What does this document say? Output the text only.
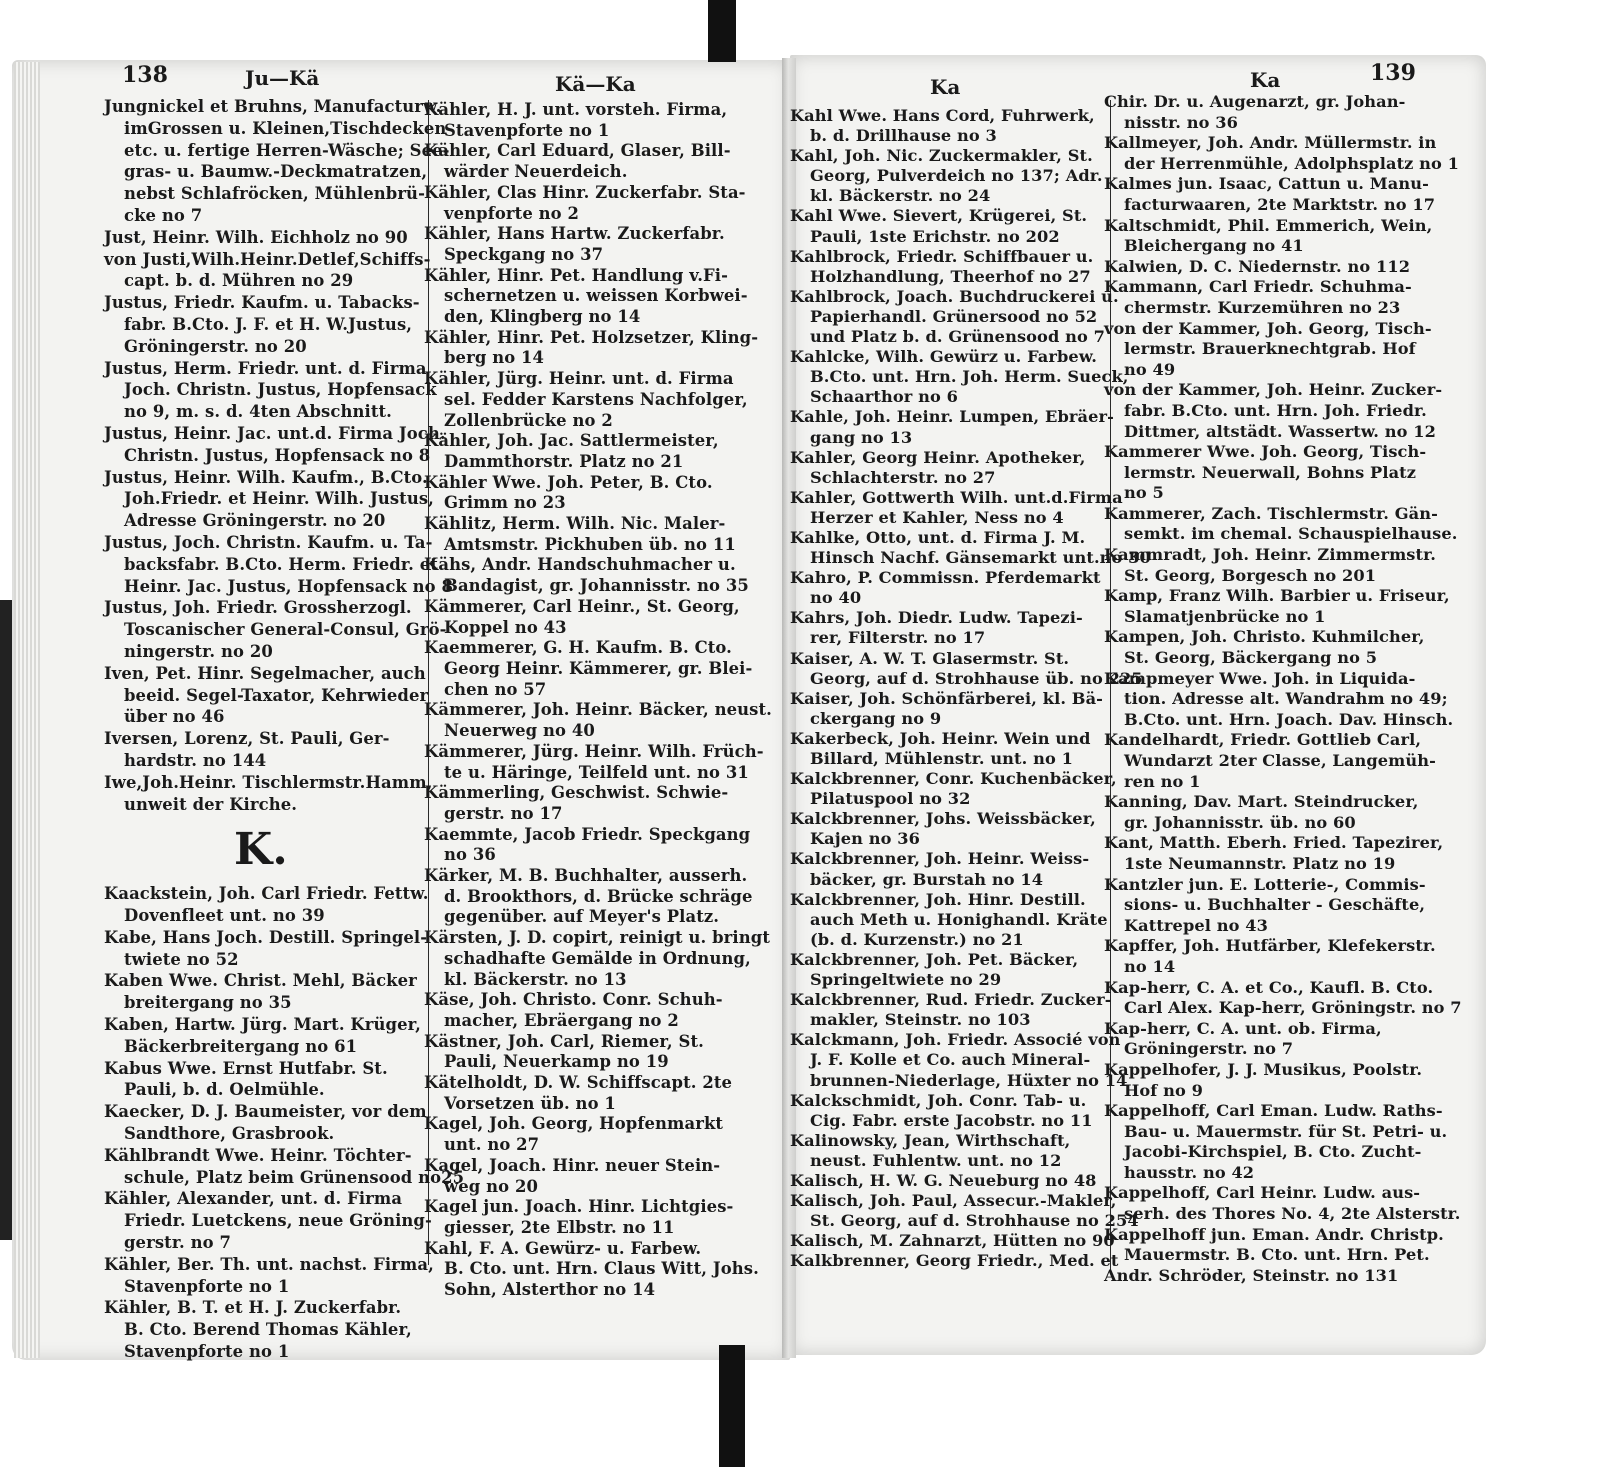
138	Ju—Kä	Kä—Ka	Ka	Ka	139
Jungnickel et Bruhns, Manufacturw.
imGrossen u. Kleinen,Tischdecken
etc. u. fertige Herren-Wäsche; See-
gras- u. Baumw.-Deckmatratzen,
nebst Schlafröcken, Mühlenbrü-
cke no 7
Just, Heinr. Wilh. Eichholz no 90
von Justi,Wilh.Heinr.Detlef,Schiffs-
capt. b. d. Mühren no 29
Justus, Friedr. Kaufm. u. Tabacks-
fabr. B.Cto. J. F. et H. W.Justus,
Gröningerstr. no 20
Justus, Herm. Friedr. unt. d. Firma
Joch. Christn. Justus, Hopfensack
no 9, m. s. d. 4ten Abschnitt.
Justus, Heinr. Jac. unt.d. Firma Joch.
Christn. Justus, Hopfensack no 8
Justus, Heinr. Wilh. Kaufm., B.Cto.
Joh.Friedr. et Heinr. Wilh. Justus,
Adresse Gröningerstr. no 20
Justus, Joch. Christn. Kaufm. u. Ta-
backsfabr. B.Cto. Herm. Friedr. et
Heinr. Jac. Justus, Hopfensack no 8
Justus, Joh. Friedr. Grossherzogl.
Toscanischer General-Consul, Grö-
ningerstr. no 20
Iven, Pet. Hinr. Segelmacher, auch
beeid. Segel-Taxator, Kehrwieder
über no 46
Iversen, Lorenz, St. Pauli, Ger-
hardstr. no 144
Iwe,Joh.Heinr. Tischlermstr.Hamm,
unweit der Kirche.
K.
Kaackstein, Joh. Carl Friedr. Fettw.
Dovenfleet unt. no 39
Kabe, Hans Joch. Destill. Springel-
twiete no 52
Kaben Wwe. Christ. Mehl, Bäcker
breitergang no 35
Kaben, Hartw. Jürg. Mart. Krüger,
Bäckerbreitergang no 61
Kabus Wwe. Ernst Hutfabr. St.
Pauli, b. d. Oelmühle.
Kaecker, D. J. Baumeister, vor dem
Sandthore, Grasbrook.
Kählbrandt Wwe. Heinr. Töchter-
schule, Platz beim Grünensood no25
Kähler, Alexander, unt. d. Firma
Friedr. Luetckens, neue Gröning-
gerstr. no 7
Kähler, Ber. Th. unt. nachst. Firma,
Stavenpforte no 1
Kähler, B. T. et H. J. Zuckerfabr.
B. Cto. Berend Thomas Kähler,
Stavenpforte no 1
Kähler, H. J. unt. vorsteh. Firma,
Stavenpforte no 1
Kähler, Carl Eduard, Glaser, Bill-
wärder Neuerdeich.
Kähler, Clas Hinr. Zuckerfabr. Sta-
venpforte no 2
Kähler, Hans Hartw. Zuckerfabr.
Speckgang no 37
Kähler, Hinr. Pet. Handlung v.Fi-
schernetzen u. weissen Korbwei-
den, Klingberg no 14
Kähler, Hinr. Pet. Holzsetzer, Kling-
berg no 14
Kähler, Jürg. Heinr. unt. d. Firma
sel. Fedder Karstens Nachfolger,
Zollenbrücke no 2
Kähler, Joh. Jac. Sattlermeister,
Dammthorstr. Platz no 21
Kähler Wwe. Joh. Peter, B. Cto.
Grimm no 23
Kählitz, Herm. Wilh. Nic. Maler-
Amtsmstr. Pickhuben üb. no 11
Kähs, Andr. Handschuhmacher u.
Bandagist, gr. Johannisstr. no 35
Kämmerer, Carl Heinr., St. Georg,
Koppel no 43
Kaemmerer, G. H. Kaufm. B. Cto.
Georg Heinr. Kämmerer, gr. Blei-
chen no 57
Kämmerer, Joh. Heinr. Bäcker, neust.
Neuerweg no 40
Kämmerer, Jürg. Heinr. Wilh. Früch-
te u. Häringe, Teilfeld unt. no 31
Kämmerling, Geschwist. Schwie-
gerstr. no 17
Kaemmte, Jacob Friedr. Speckgang
no 36
Kärker, M. B. Buchhalter, ausserh.
d. Brookthors, d. Brücke schräge
gegenüber. auf Meyer's Platz.
Kärsten, J. D. copirt, reinigt u. bringt
schadhafte Gemälde in Ordnung,
kl. Bäckerstr. no 13
Käse, Joh. Christo. Conr. Schuh-
macher, Ebräergang no 2
Kästner, Joh. Carl, Riemer, St.
Pauli, Neuerkamp no 19
Kätelholdt, D. W. Schiffscapt. 2te
Vorsetzen üb. no 1
Kagel, Joh. Georg, Hopfenmarkt
unt. no 27
Kagel, Joach. Hinr. neuer Stein-
weg no 20
Kagel jun. Joach. Hinr. Lichtgies-
giesser, 2te Elbstr. no 11
Kahl, F. A. Gewürz- u. Farbew.
B. Cto. unt. Hrn. Claus Witt, Johs.
Sohn, Alsterthor no 14
Kahl Wwe. Hans Cord, Fuhrwerk,
b. d. Drillhause no 3
Kahl, Joh. Nic. Zuckermakler, St.
Georg, Pulverdeich no 137; Adr.
kl. Bäckerstr. no 24
Kahl Wwe. Sievert, Krügerei, St.
Pauli, 1ste Erichstr. no 202
Kahlbrock, Friedr. Schiffbauer u.
Holzhandlung, Theerhof no 27
Kahlbrock, Joach. Buchdruckerei u.
Papierhandl. Grünersood no 52
und Platz b. d. Grünensood no 7
Kahlcke, Wilh. Gewürz u. Farbew.
B.Cto. unt. Hrn. Joh. Herm. Sueck,
Schaarthor no 6
Kahle, Joh. Heinr. Lumpen, Ebräer-
gang no 13
Kahler, Georg Heinr. Apotheker,
Schlachterstr. no 27
Kahler, Gottwerth Wilh. unt.d.Firma
Herzer et Kahler, Ness no 4
Kahlke, Otto, unt. d. Firma J. M.
Hinsch Nachf. Gänsemarkt unt.no 30
Kahro, P. Commissn. Pferdemarkt
no 40
Kahrs, Joh. Diedr. Ludw. Tapezi-
rer, Filterstr. no 17
Kaiser, A. W. T. Glasermstr. St.
Georg, auf d. Strohhause üb. no 225
Kaiser, Joh. Schönfärberei, kl. Bä-
ckergang no 9
Kakerbeck, Joh. Heinr. Wein und
Billard, Mühlenstr. unt. no 1
Kalckbrenner, Conr. Kuchenbäcker,
Pilatuspool no 32
Kalckbrenner, Johs. Weissbäcker,
Kajen no 36
Kalckbrenner, Joh. Heinr. Weiss-
bäcker, gr. Burstah no 14
Kalckbrenner, Joh. Hinr. Destill.
auch Meth u. Honighandl. Kräte
(b. d. Kurzenstr.) no 21
Kalckbrenner, Joh. Pet. Bäcker,
Springeltwiete no 29
Kalckbrenner, Rud. Friedr. Zucker-
makler, Steinstr. no 103
Kalckmann, Joh. Friedr. Associé von
J. F. Kolle et Co. auch Mineral-
brunnen-Niederlage, Hüxter no 14
Kalckschmidt, Joh. Conr. Tab- u.
Cig. Fabr. erste Jacobstr. no 11
Kalinowsky, Jean, Wirthschaft,
neust. Fuhlentw. unt. no 12
Kalisch, H. W. G. Neueburg no 48
Kalisch, Joh. Paul, Assecur.-Makler,
St. Georg, auf d. Strohhause no 254
Kalisch, M. Zahnarzt, Hütten no 90
Kalkbrenner, Georg Friedr., Med. et
Chir. Dr. u. Augenarzt, gr. Johan-
nisstr. no 36
Kallmeyer, Joh. Andr. Müllermstr. in
der Herrenmühle, Adolphsplatz no 1
Kalmes jun. Isaac, Cattun u. Manu-
facturwaaren, 2te Marktstr. no 17
Kaltschmidt, Phil. Emmerich, Wein,
Bleichergang no 41
Kalwien, D. C. Niedernstr. no 112
Kammann, Carl Friedr. Schuhma-
chermstr. Kurzemühren no 23
von der Kammer, Joh. Georg, Tisch-
lermstr. Brauerknechtgrab. Hof
no 49
von der Kammer, Joh. Heinr. Zucker-
fabr. B.Cto. unt. Hrn. Joh. Friedr.
Dittmer, altstädt. Wassertw. no 12
Kammerer Wwe. Joh. Georg, Tisch-
lermstr. Neuerwall, Bohns Platz
no 5
Kammerer, Zach. Tischlermstr. Gän-
semkt. im chemal. Schauspielhause.
Kammradt, Joh. Heinr. Zimmermstr.
St. Georg, Borgesch no 201
Kamp, Franz Wilh. Barbier u. Friseur,
Slamatjenbrücke no 1
Kampen, Joh. Christo. Kuhmilcher,
St. Georg, Bäckergang no 5
Kampmeyer Wwe. Joh. in Liquida-
tion. Adresse alt. Wandrahm no 49;
B.Cto. unt. Hrn. Joach. Dav. Hinsch.
Kandelhardt, Friedr. Gottlieb Carl,
Wundarzt 2ter Classe, Langemüh-
ren no 1
Kanning, Dav. Mart. Steindrucker,
gr. Johannisstr. üb. no 60
Kant, Matth. Eberh. Fried. Tapezirer,
1ste Neumannstr. Platz no 19
Kantzler jun. E. Lotterie-, Commis-
sions- u. Buchhalter - Geschäfte,
Kattrepel no 43
Kapffer, Joh. Hutfärber, Klefekerstr.
no 14
Kap-herr, C. A. et Co., Kaufl. B. Cto.
Carl Alex. Kap-herr, Gröningstr. no 7
Kap-herr, C. A. unt. ob. Firma,
Gröningerstr. no 7
Kappelhofer, J. J. Musikus, Poolstr.
Hof no 9
Kappelhoff, Carl Eman. Ludw. Raths-
Bau- u. Mauermstr. für St. Petri- u.
Jacobi-Kirchspiel, B. Cto. Zucht-
hausstr. no 42
Kappelhoff, Carl Heinr. Ludw. aus-
serh. des Thores No. 4, 2te Alsterstr.
Kappelhoff jun. Eman. Andr. Christp.
Mauermstr. B. Cto. unt. Hrn. Pet.
Andr. Schröder, Steinstr. no 131
